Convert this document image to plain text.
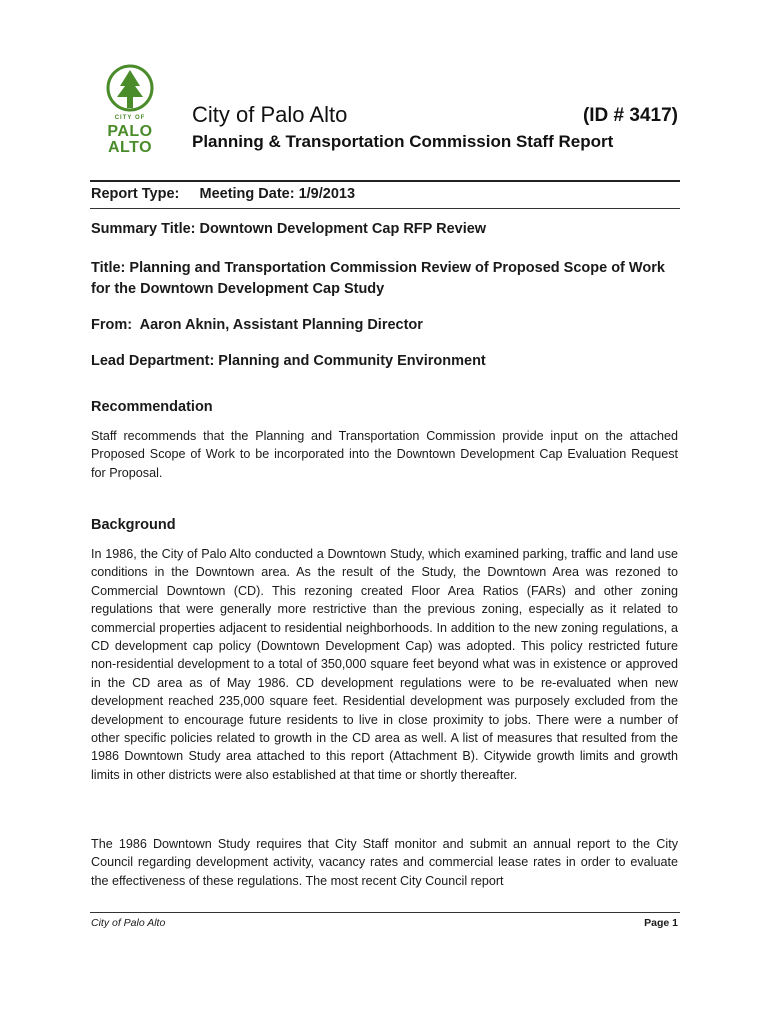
CITY OF
PALO
ALTO
City of Palo Alto	(ID # 3417)
Planning & Transportation Commission Staff Report
Report Type:     Meeting Date: 1/9/2013
Summary Title: Downtown Development Cap RFP Review
Title: Planning and Transportation Commission Review of Proposed Scope of Work for the Downtown Development Cap Study
From:  Aaron Aknin, Assistant Planning Director
Lead Department: Planning and Community Environment
Recommendation
Staff recommends that the Planning and Transportation Commission provide input on the attached Proposed Scope of Work to be incorporated into the Downtown Development Cap Evaluation Request for Proposal.
Background
In 1986, the City of Palo Alto conducted a Downtown Study, which examined parking, traffic and land use conditions in the Downtown area. As the result of the Study, the Downtown Area was rezoned to Commercial Downtown (CD). This rezoning created Floor Area Ratios (FARs) and other zoning regulations that were generally more restrictive than the previous zoning, especially as it related to commercial properties adjacent to residential neighborhoods. In addition to the new zoning regulations, a CD development cap policy (Downtown Development Cap) was adopted. This policy restricted future non-residential development to a total of 350,000 square feet beyond what was in existence or approved in the CD area as of May 1986. CD development regulations were to be re-evaluated when new development reached 235,000 square feet. Residential development was purposely excluded from the development to encourage future residents to live in close proximity to jobs. There were a number of other specific policies related to growth in the CD area as well. A list of measures that resulted from the 1986 Downtown Study area attached to this report (Attachment B). Citywide growth limits and growth limits in other districts were also established at that time or shortly thereafter.
The 1986 Downtown Study requires that City Staff monitor and submit an annual report to the City Council regarding development activity, vacancy rates and commercial lease rates in order to evaluate the effectiveness of these regulations. The most recent City Council report
City of Palo Alto	Page 1
